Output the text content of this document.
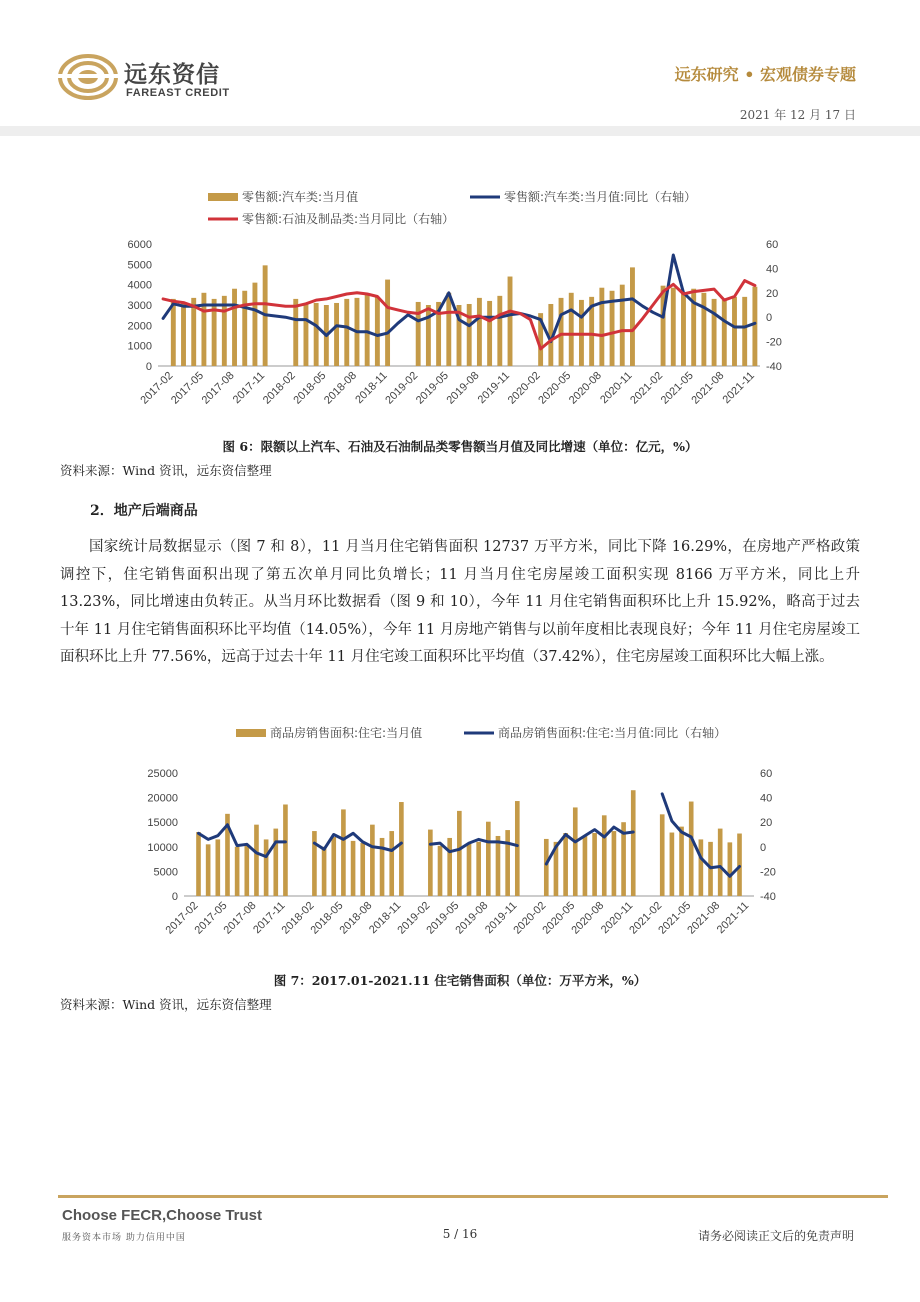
远东资信
FAREAST CREDIT
远东研究 • 宏观债券专题
2021 年 12 月 17 日
零售额:汽车类:当月值	零售额:汽车类:当月值:同比（右轴）
零售额:石油及制品类:当月同比（右轴）
0
1000
2000
3000
4000
5000
6000
-40
-20
0
20
40
60
2017-02
2017-05
2017-08
2017-11
2018-02
2018-05
2018-08
2018-11
2019-02
2019-05
2019-08
2019-11
2020-02
2020-05
2020-08
2020-11
2021-02
2021-05
2021-08
2021-11
图 6：限额以上汽车、石油及石油制品类零售额当月值及同比增速（单位：亿元，%）
资料来源：Wind 资讯，远东资信整理
2．地产后端商品

国家统计局数据显示（图 7 和 8），11 月当月住宅销售面积 12737 万平方米，同比下降 16.29%，在房地产严格政策调控下，住宅销售面积出现了第五次单月同比负增长；11 月当月住宅房屋竣工面积实现 8166 万平方米，同比上升 13.23%，同比增速由负转正。从当月环比数据看（图 9 和 10），今年 11 月住宅销售面积环比上升 15.92%，略高于过去十年 11 月住宅销售面积环比平均值（14.05%），今年 11 月房地产销售与以前年度相比表现良好；今年 11 月住宅房屋竣工面积环比上升 77.56%，远高于过去十年 11 月住宅竣工面积环比平均值（37.42%），住宅房屋竣工面积环比大幅上涨。

商品房销售面积:住宅:当月值	商品房销售面积:住宅:当月值:同比（右轴）
0
5000
10000
15000
20000
25000
-40
-20
0
20
40
60
2017-02
2017-05
2017-08
2017-11
2018-02
2018-05
2018-08
2018-11
2019-02
2019-05
2019-08
2019-11
2020-02
2020-05
2020-08
2020-11
2021-02
2021-05
2021-08
2021-11
图 7：2017.01-2021.11 住宅销售面积（单位：万平方米，%）
资料来源：Wind 资讯，远东资信整理
Choose FECR,Choose Trust
服务资本市场 助力信用中国	5 / 16	请务必阅读正文后的免责声明
